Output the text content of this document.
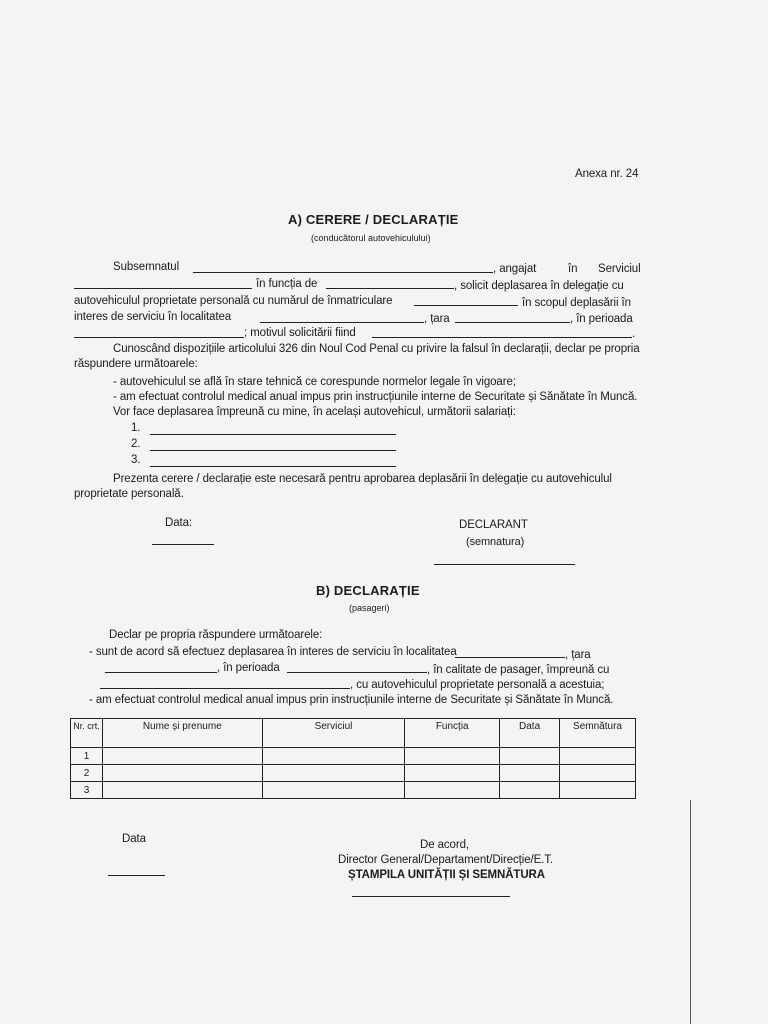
Anexa nr. 24
A) CERERE / DECLARAȚIE
(conducătorul autovehiculului)
Subsemnatul	, angajat	în Serviciul
în funcția de	, solicit deplasarea în delegație cu
autovehiculul proprietate personală cu numărul de înmatriculare	în scopul deplasării în
interes de serviciu în localitatea	, țara	, în perioada
; motivul solicitării fiind	.
Cunoscând dispozițiile articolului 326 din Noul Cod Penal cu privire la falsul în declarații, declar pe propria
răspundere următoarele:
- autovehiculul se află în stare tehnică ce corespunde normelor legale în vigoare;
- am efectuat controlul medical anual impus prin instrucțiunile interne de Securitate și Sănătate în Muncă.
Vor face deplasarea împreună cu mine, în același autovehicul, următorii salariați:
1.
2.
3.
Prezenta cerere / declarație este necesară pentru aprobarea deplasării în delegație cu autovehiculul
proprietate personală.
Data:	DECLARANT
(semnatura)
B) DECLARAȚIE
(pasageri)
Declar pe propria răspundere următoarele:
- sunt de acord să efectuez deplasarea în interes de serviciu în localitatea	, țara
, în perioada	, în calitate de pasager, împreună cu
, cu autovehiculul proprietate personală a acestuia;
- am efectuat controlul medical anual impus prin instrucțiunile interne de Securitate și Sănătate în Muncă.
Nr. crt.	Nume și prenume	Serviciul	Funcția	Data	Semnătura
1					
2					
3					
Data	De acord,
Director General/Departament/Direcție/E.T.
ȘTAMPILA UNITĂȚII ȘI SEMNĂTURA
